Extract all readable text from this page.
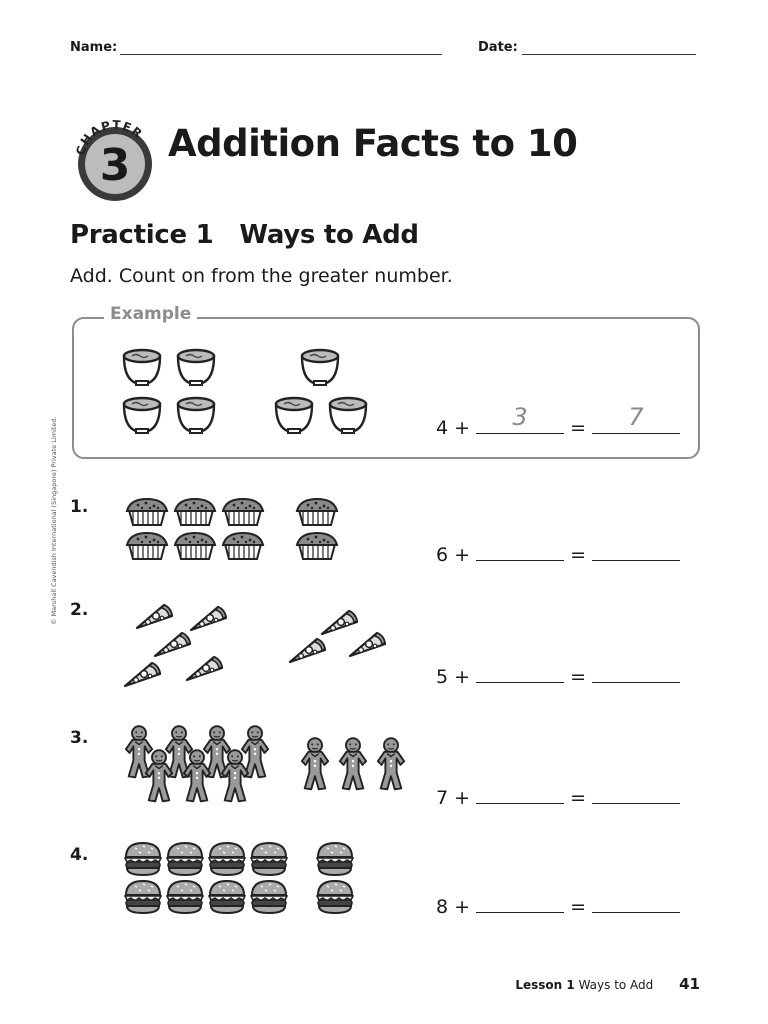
Name:	Date:
CHAPTER
3 Addition Facts to 10
Practice 1 Ways to Add
Add. Count on from the greater number.
© Marshall Cavendish International (Singapore) Private Limited.
Example
4 +	3	=	7
1.
6 +	=
2.
5 +	=
3.
7 +	=
4.
8 +	=
Lesson 1 Ways to Add 41
